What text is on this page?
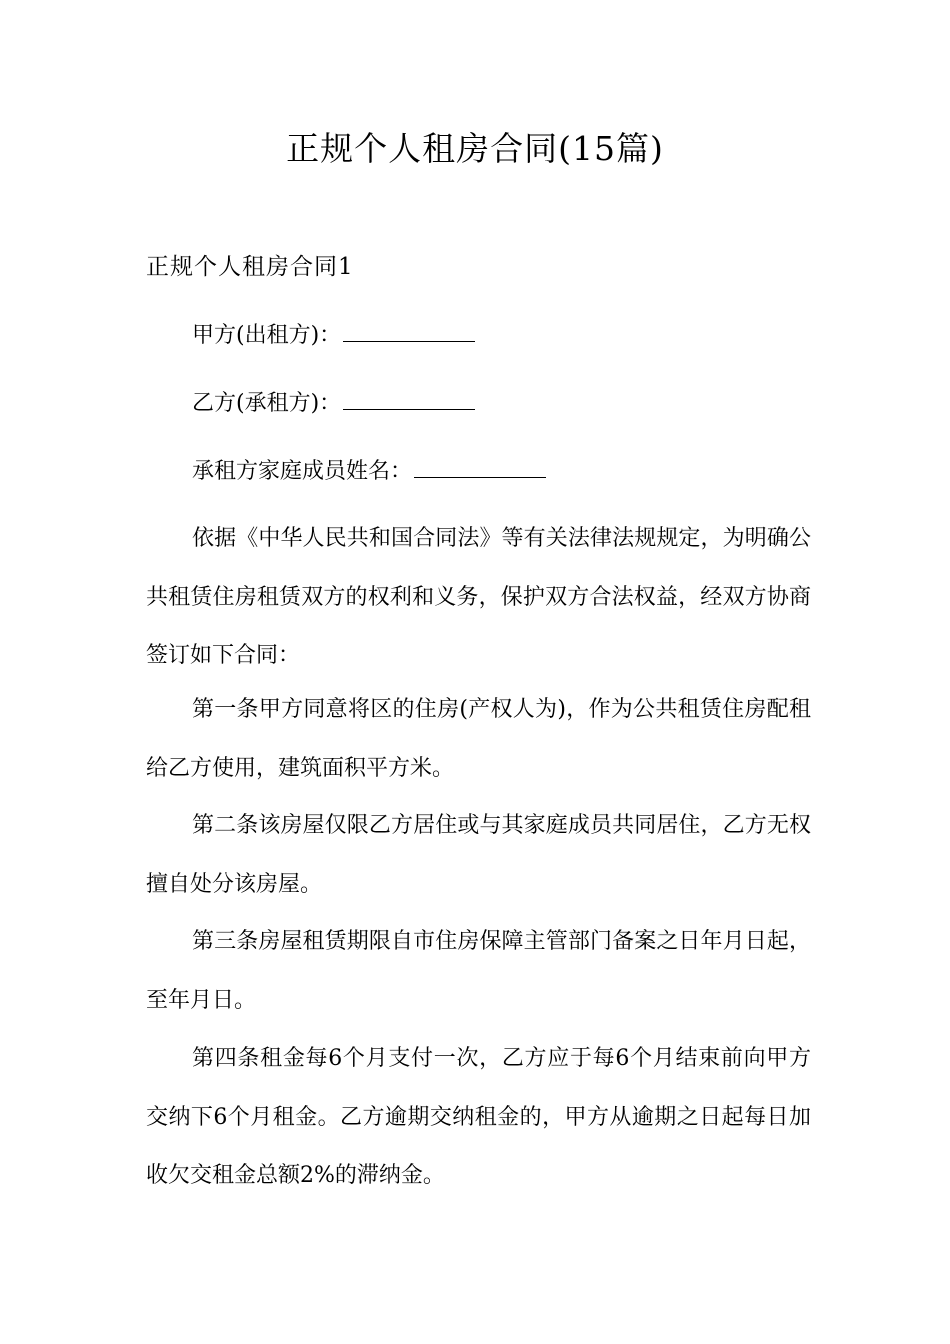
正规个人租房合同(15篇)
正规个人租房合同1
甲方(出租方)：
乙方(承租方)：
承租方家庭成员姓名：

依据《中华人民共和国合同法》等有关法律法规规定，为明确公共租赁住房租赁双方的权利和义务，保护双方合法权益，经双方协商签订如下合同：

第一条甲方同意将区的住房(产权人为)，作为公共租赁住房配租给乙方使用，建筑面积平方米。

第二条该房屋仅限乙方居住或与其家庭成员共同居住，乙方无权擅自处分该房屋。

第三条房屋租赁期限自市住房保障主管部门备案之日年月日起，至年月日。

第四条租金每6个月支付一次，乙方应于每6个月结束前向甲方交纳下6个月租金。乙方逾期交纳租金的，甲方从逾期之日起每日加收欠交租金总额2%的滞纳金。
